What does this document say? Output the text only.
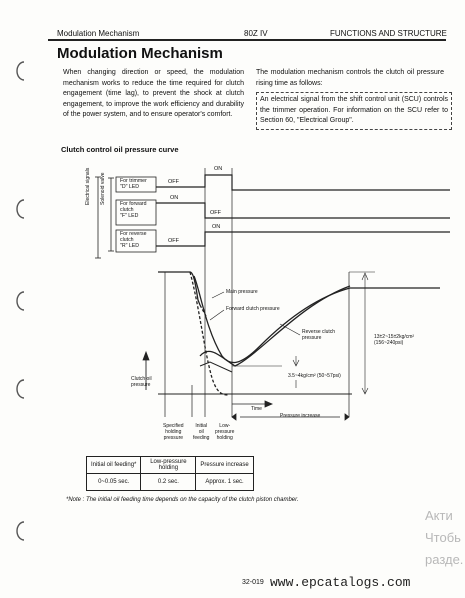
Modulation Mechanism	80Z IV	FUNCTIONS AND STRUCTURE
Modulation Mechanism
When changing direction or speed, the modulation mechanism works to reduce the time required for clutch engagement (time lag), to prevent the shock at clutch engagement, to improve the work efficiency and durability of the power system, and to ensure operator's comfort.
The modulation mechanism controls the clutch oil pressure rising time as follows:
An electrical signal from the shift control unit (SCU) controls the trimmer operation. For information on the SCU refer to Section 60, "Electrical Group".
Clutch control oil pressure curve
Electrical signals Solenoid valve	For trimmer
"D" LED
For forward
clutch
"F" LED
For reverse
clutch
"R" LED
OFF
ON
ON
OFF
OFF
ON
Main pressure
Forward clutch pressure
Reverse clutch
pressure
Clutch oil
pressure
3.5~4kg/cm² (50~57psi)
13±2~15±2kg/cm²
(156~240psi)
Time
Pressure increase
Specified
holding
pressure
Initial
oil
feeding
Low-
pressure
holding
Initial oil feeding*	Low-pressure holding	Pressure increase
0~0.05 sec.	0.2 sec.	Approx. 1 sec.
*Note : The initial oil feeding time depends on the capacity of the clutch piston chamber.
32-019 www.epcatalogs.com
Акти
Чтобь
разде.
